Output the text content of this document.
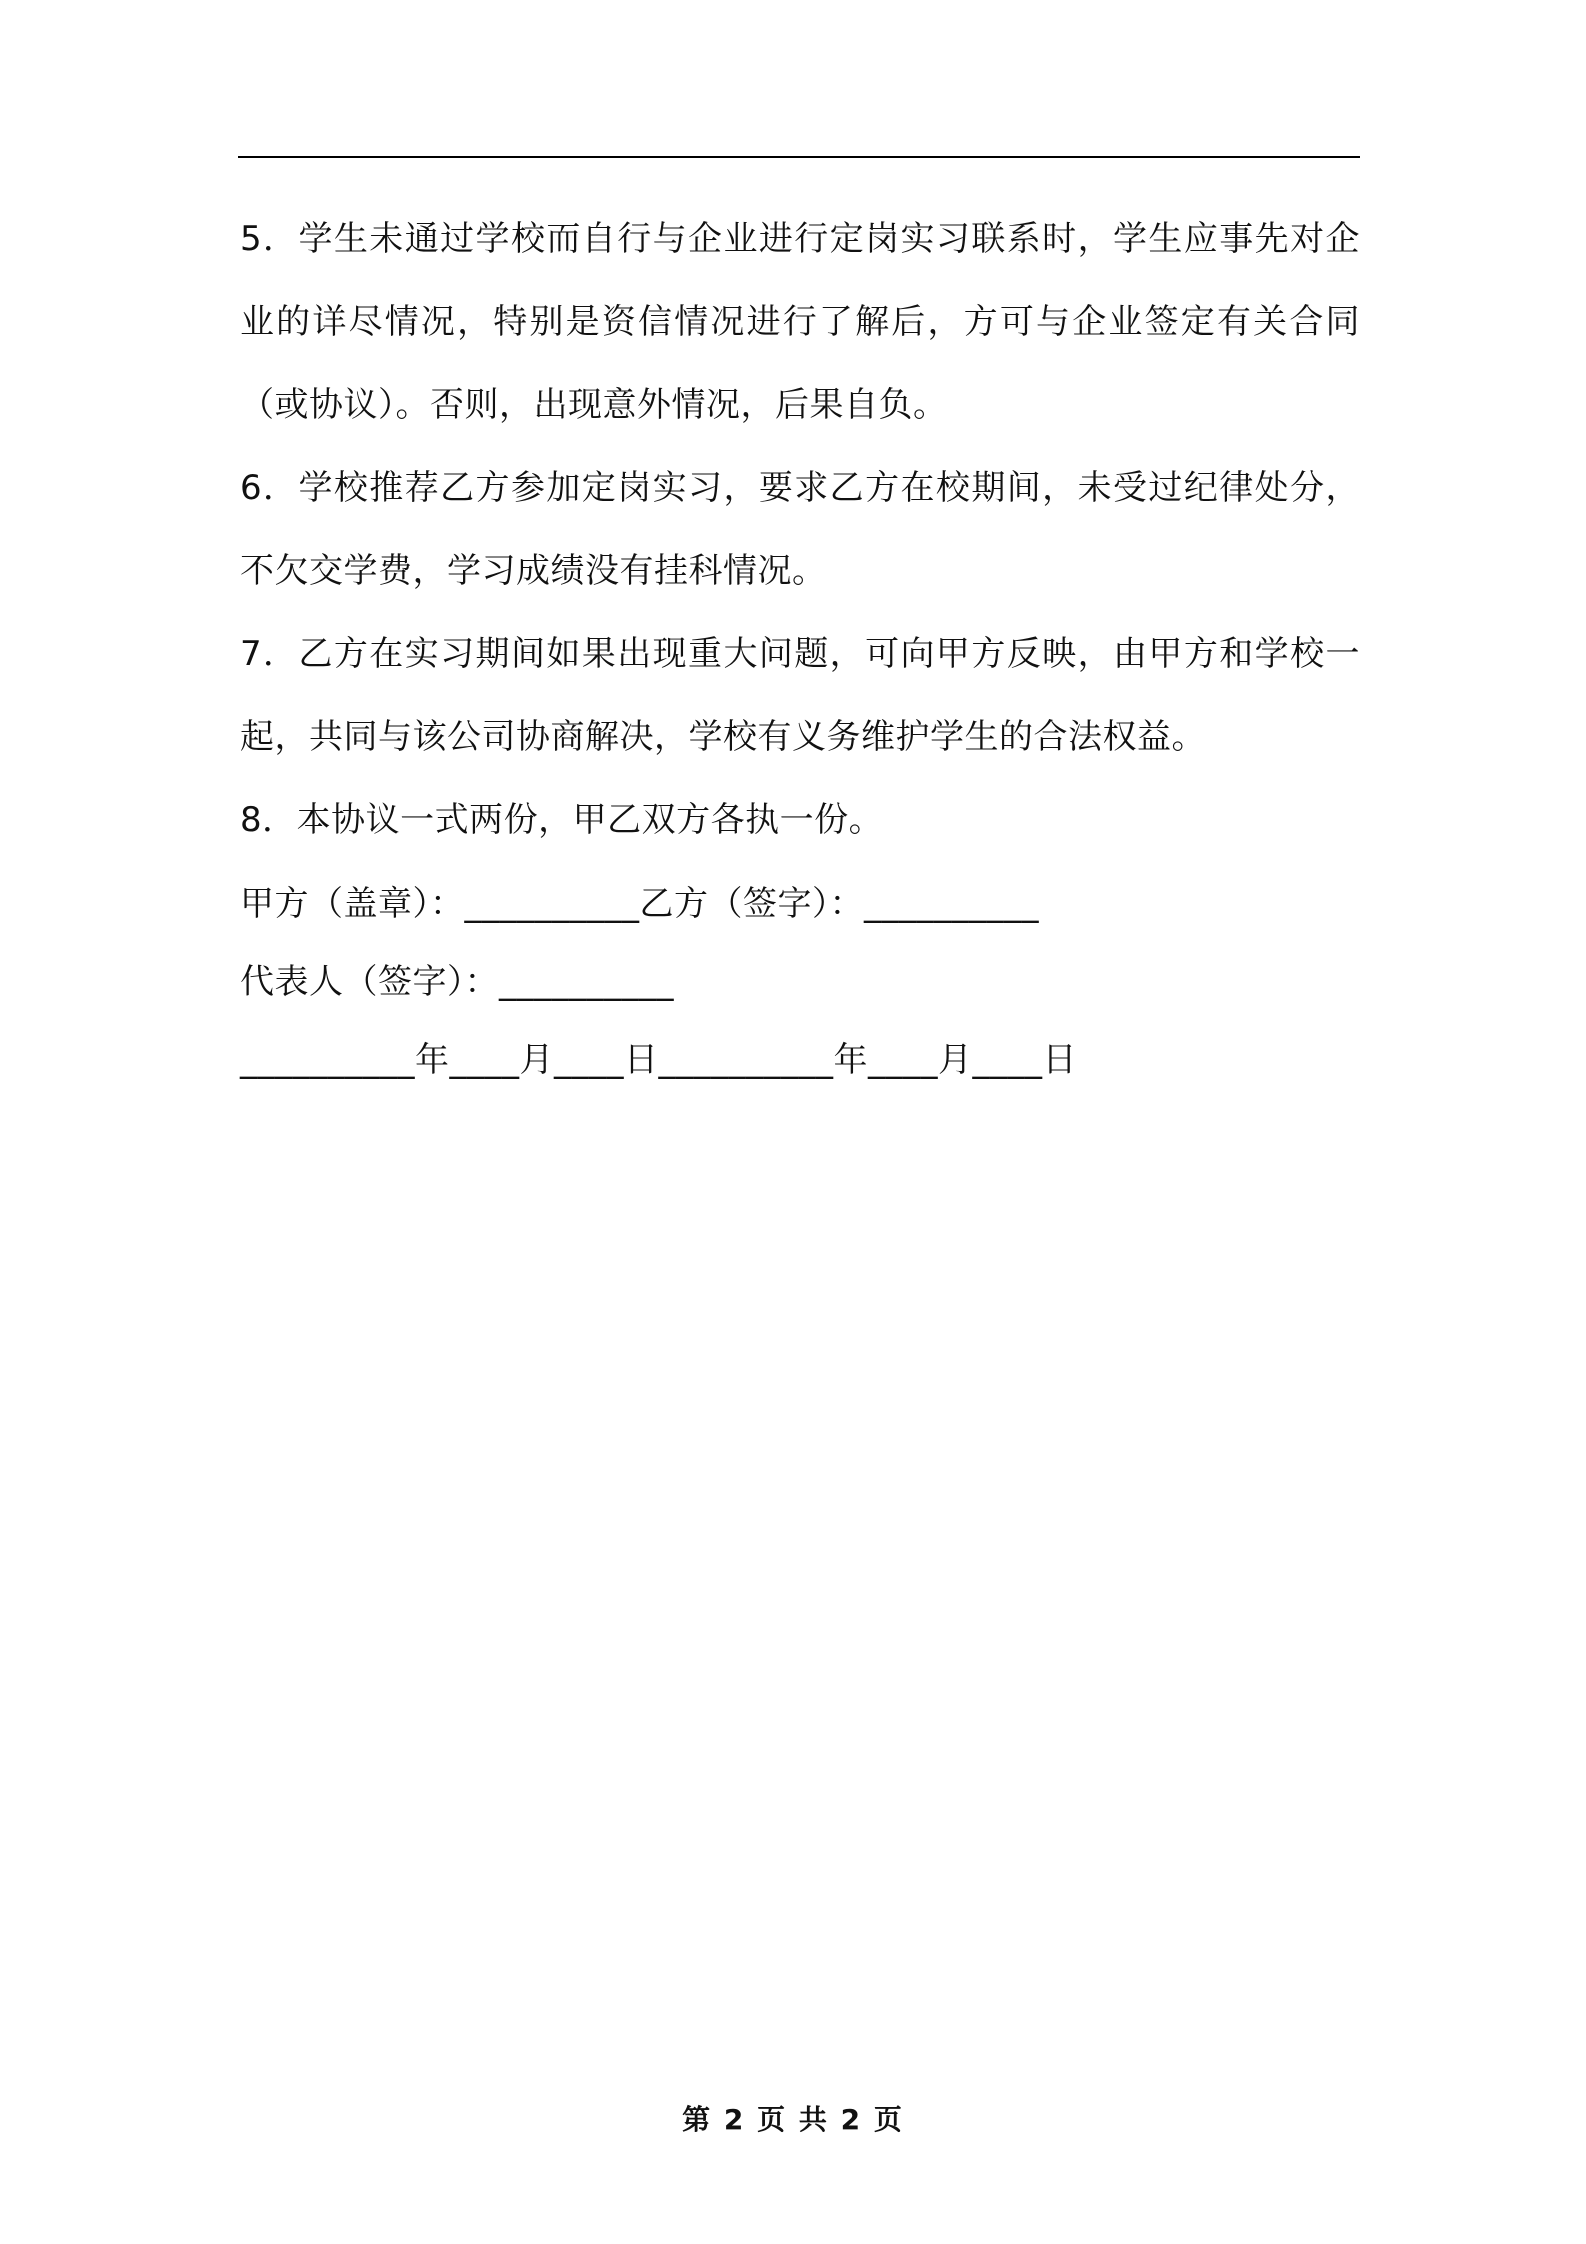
5．学生未通过学校而自行与企业进行定岗实习联系时，学生应事先对企业的详尽情况，特别是资信情况进行了解后，方可与企业签定有关合同（或协议）。否则，出现意外情况，后果自负。

6．学校推荐乙方参加定岗实习，要求乙方在校期间，未受过纪律处分，不欠交学费，学习成绩没有挂科情况。

7．乙方在实习期间如果出现重大问题，可向甲方反映，由甲方和学校一起，共同与该公司协商解决，学校有义务维护学生的合法权益。

8．本协议一式两份，甲乙双方各执一份。

甲方（盖章）：__________乙方（签字）：__________
代表人（签字）：__________
__________年____月____日__________年____月____日
第 2 页 共 2 页
